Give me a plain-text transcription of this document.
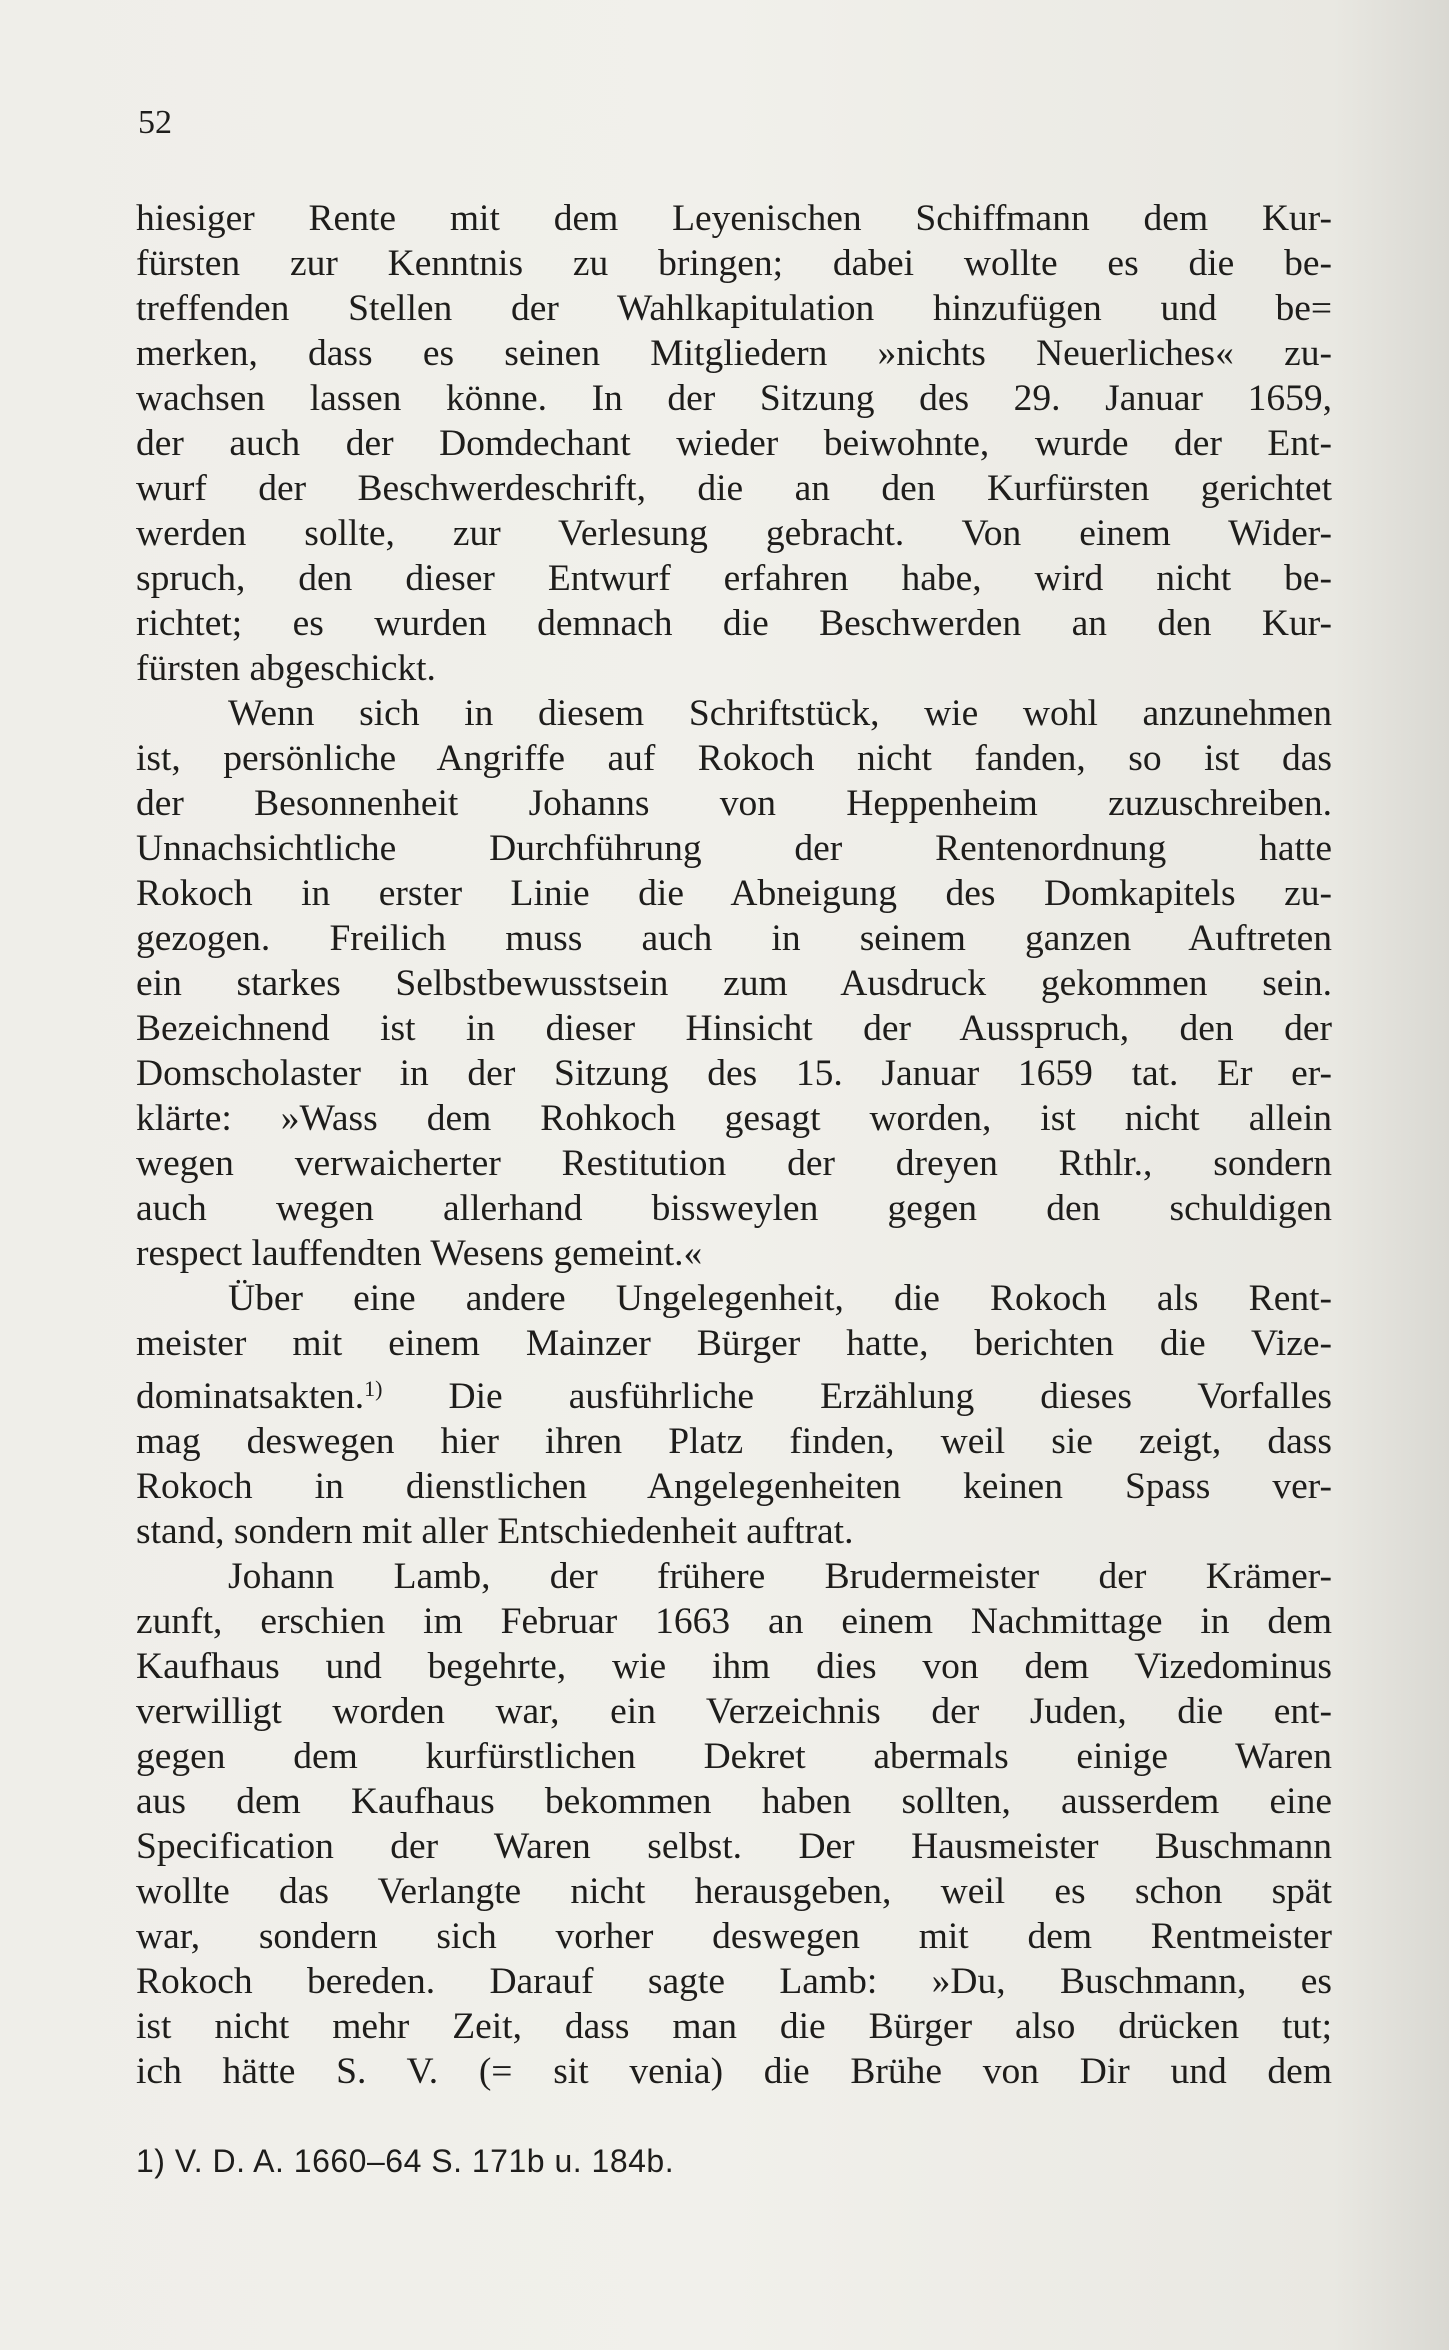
52

hiesiger Rente mit dem Leyenischen Schiffmann dem Kur-
fürsten zur Kenntnis zu bringen; dabei wollte es die be-
treffenden Stellen der Wahlkapitulation hinzufügen und be=
merken, dass es seinen Mitgliedern »nichts Neuerliches« zu-
wachsen lassen könne. In der Sitzung des 29. Januar 1659,
der auch der Domdechant wieder beiwohnte, wurde der Ent-
wurf der Beschwerdeschrift, die an den Kurfürsten gerichtet
werden sollte, zur Verlesung gebracht. Von einem Wider-
spruch, den dieser Entwurf erfahren habe, wird nicht be-
richtet; es wurden demnach die Beschwerden an den Kur-
fürsten abgeschickt.

Wenn sich in diesem Schriftstück, wie wohl anzunehmen
ist, persönliche Angriffe auf Rokoch nicht fanden, so ist das
der Besonnenheit Johanns von Heppenheim zuzuschreiben.
Unnachsichtliche Durchführung der Rentenordnung hatte
Rokoch in erster Linie die Abneigung des Domkapitels zu-
gezogen. Freilich muss auch in seinem ganzen Auftreten
ein starkes Selbstbewusstsein zum Ausdruck gekommen sein.
Bezeichnend ist in dieser Hinsicht der Ausspruch, den der
Domscholaster in der Sitzung des 15. Januar 1659 tat. Er er-
klärte: »Wass dem Rohkoch gesagt worden, ist nicht allein
wegen verwaicherter Restitution der dreyen Rthlr., sondern
auch wegen allerhand bissweylen gegen den schuldigen
respect lauffendten Wesens gemeint.«

Über eine andere Ungelegenheit, die Rokoch als Rent-
meister mit einem Mainzer Bürger hatte, berichten die Vize-
dominatsakten.$^{1)}$ Die ausführliche Erzählung dieses Vorfalles
mag deswegen hier ihren Platz finden, weil sie zeigt, dass
Rokoch in dienstlichen Angelegenheiten keinen Spass ver-
stand, sondern mit aller Entschiedenheit auftrat.

Johann Lamb, der frühere Brudermeister der Krämer-
zunft, erschien im Februar 1663 an einem Nachmittage in dem
Kaufhaus und begehrte, wie ihm dies von dem Vizedominus
verwilligt worden war, ein Verzeichnis der Juden, die ent-
gegen dem kurfürstlichen Dekret abermals einige Waren
aus dem Kaufhaus bekommen haben sollten, ausserdem eine
Specification der Waren selbst. Der Hausmeister Buschmann
wollte das Verlangte nicht herausgeben, weil es schon spät
war, sondern sich vorher deswegen mit dem Rentmeister
Rokoch bereden. Darauf sagte Lamb: »Du, Buschmann, es
ist nicht mehr Zeit, dass man die Bürger also drücken tut;
ich hätte S. V. (= sit venia) die Brühe von Dir und dem

1) V. D. A. 1660–64 S. 171b u. 184b.
